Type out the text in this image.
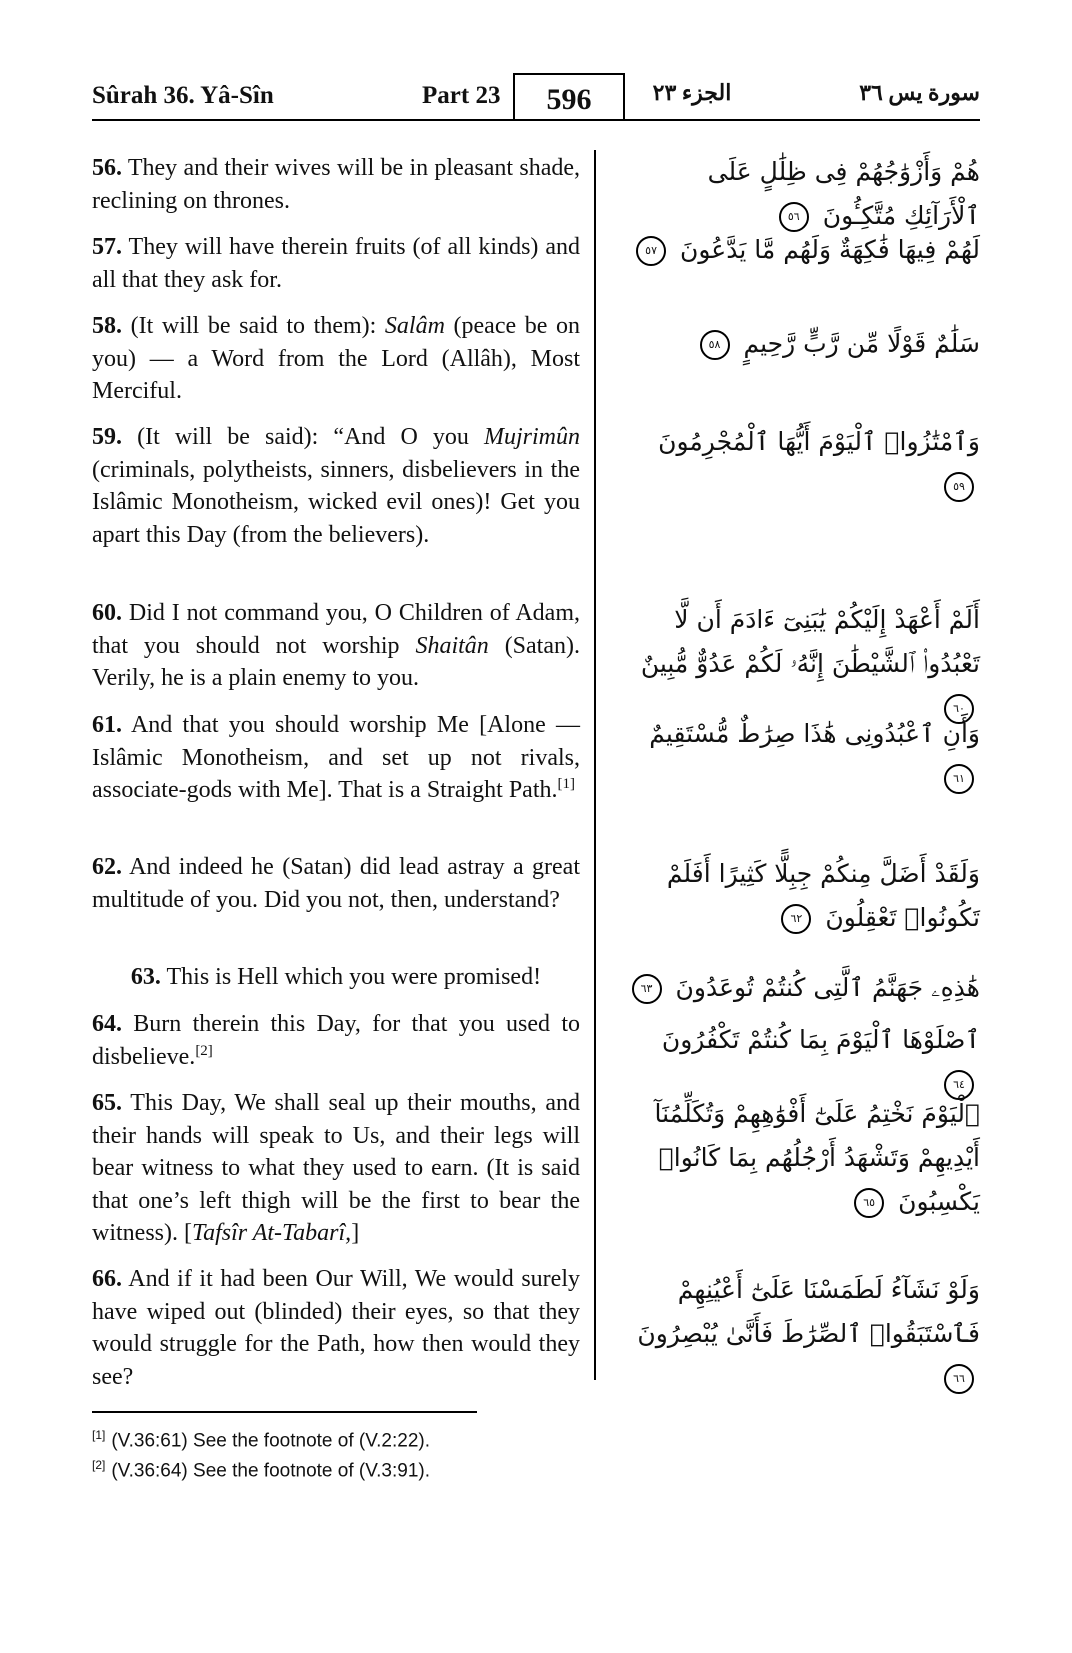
Sûrah 36. Yâ-Sîn	Part 23	596	الجزء ٢٣	سورة يس ٣٦
56. They and their wives will be in pleasant shade, reclining on thrones.
57. They will have therein fruits (of all kinds) and all that they ask for.
58. (It will be said to them): Salâm (peace be on you) — a Word from the Lord (Allâh), Most Merciful.
59. (It will be said): “And O you Mujrimûn (criminals, polytheists, sinners, disbelievers in the Islâmic Monotheism, wicked evil ones)! Get you apart this Day (from the believers).
60. Did I not command you, O Children of Adam, that you should not worship Shaitân (Satan). Verily, he is a plain enemy to you.
61. And that you should worship Me [Alone — Islâmic Monotheism, and set up not rivals, associate-gods with Me]. That is a Straight Path.[1]
62. And indeed he (Satan) did lead astray a great multitude of you. Did you not, then, understand?
63. This is Hell which you were promised!
64. Burn therein this Day, for that you used to disbelieve.[2]
65. This Day, We shall seal up their mouths, and their hands will speak to Us, and their legs will bear witness to what they used to earn. (It is said that one’s left thigh will be the first to bear the witness). [Tafsîr At-Tabarî,]
66. And if it had been Our Will, We would surely have wiped out (blinded) their eyes, so that they would struggle for the Path, how then would they see?
هُمْ وَأَزْوَٰجُهُمْ فِى ظِلَٰلٍ عَلَى ٱلْأَرَآئِكِ مُتَّكِـُٔونَ ٥٦
لَهُمْ فِيهَا فَٰكِهَةٌ وَلَهُم مَّا يَدَّعُونَ ٥٧
سَلَٰمٌ قَوْلًا مِّن رَّبٍّ رَّحِيمٍ ٥٨
وَٱمْتَٰزُوا۟ ٱلْيَوْمَ أَيُّهَا ٱلْمُجْرِمُونَ ٥٩
أَلَمْ أَعْهَدْ إِلَيْكُمْ يَٰبَنِىٓ ءَادَمَ أَن لَّا تَعْبُدُوا۟ ٱلشَّيْطَٰنَ إِنَّهُۥ لَكُمْ عَدُوٌّ مُّبِينٌ ٦٠
وَأَنِ ٱعْبُدُونِى هَٰذَا صِرَٰطٌ مُّسْتَقِيمٌ ٦١
وَلَقَدْ أَضَلَّ مِنكُمْ جِبِلًّا كَثِيرًا أَفَلَمْ تَكُونُوا۟ تَعْقِلُونَ ٦٢
هَٰذِهِۦ جَهَنَّمُ ٱلَّتِى كُنتُمْ تُوعَدُونَ ٦٣
ٱصْلَوْهَا ٱلْيَوْمَ بِمَا كُنتُمْ تَكْفُرُونَ ٦٤
ٱلْيَوْمَ نَخْتِمُ عَلَىٰٓ أَفْوَٰهِهِمْ وَتُكَلِّمُنَآ أَيْدِيهِمْ وَتَشْهَدُ أَرْجُلُهُم بِمَا كَانُوا۟ يَكْسِبُونَ ٦٥
وَلَوْ نَشَآءُ لَطَمَسْنَا عَلَىٰٓ أَعْيُنِهِمْ فَٱسْتَبَقُوا۟ ٱلصِّرَٰطَ فَأَنَّىٰ يُبْصِرُونَ ٦٦
[1] (V.36:61) See the footnote of (V.2:22).
[2] (V.36:64) See the footnote of (V.3:91).
